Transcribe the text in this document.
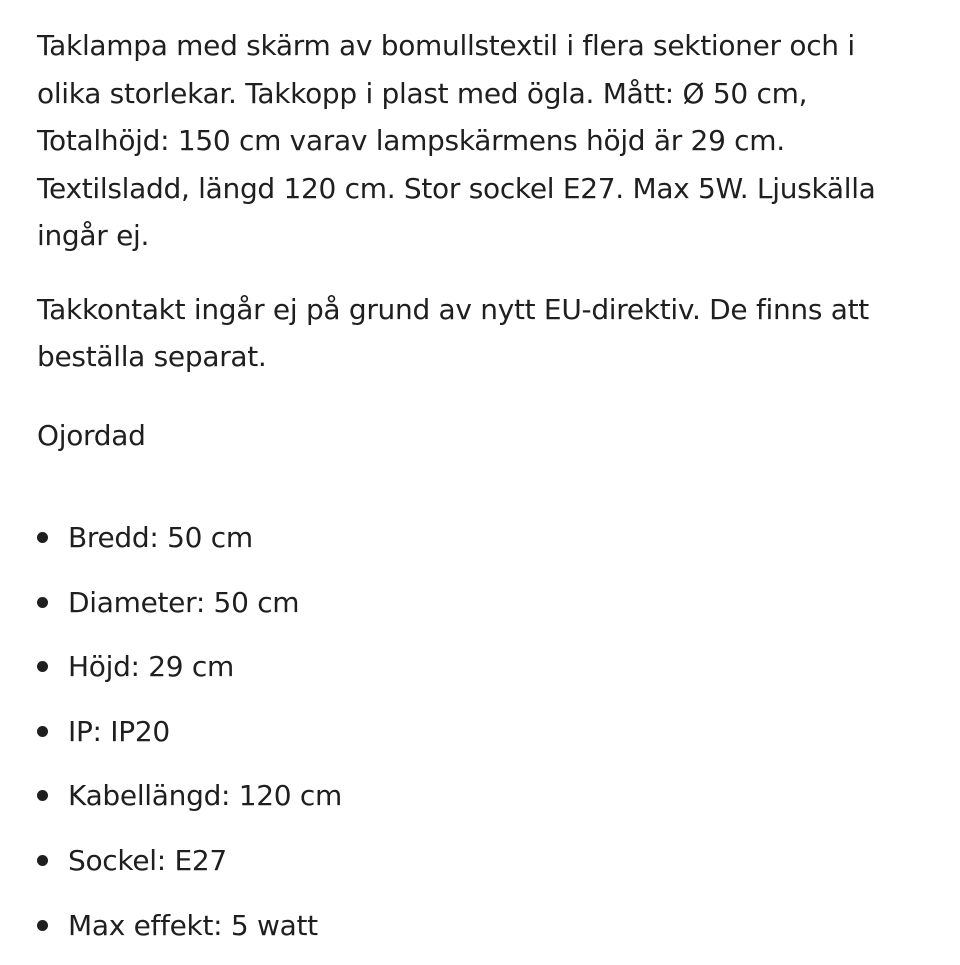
Taklampa med skärm av bomullstextil i flera sektioner och i olika storlekar. Takkopp i plast med ögla. Mått: Ø 50 cm, Totalhöjd: 150 cm varav lampskärmens höjd är 29 cm. Textilsladd, längd 120 cm. Stor sockel E27. Max 5W. Ljuskälla ingår ej.

Takkontakt ingår ej på grund av nytt EU-direktiv. De finns att beställa separat.

Ojordad

Bredd: 50 cm
Diameter: 50 cm
Höjd: 29 cm
IP: IP20
Kabellängd: 120 cm
Sockel: E27
Max effekt: 5 watt
